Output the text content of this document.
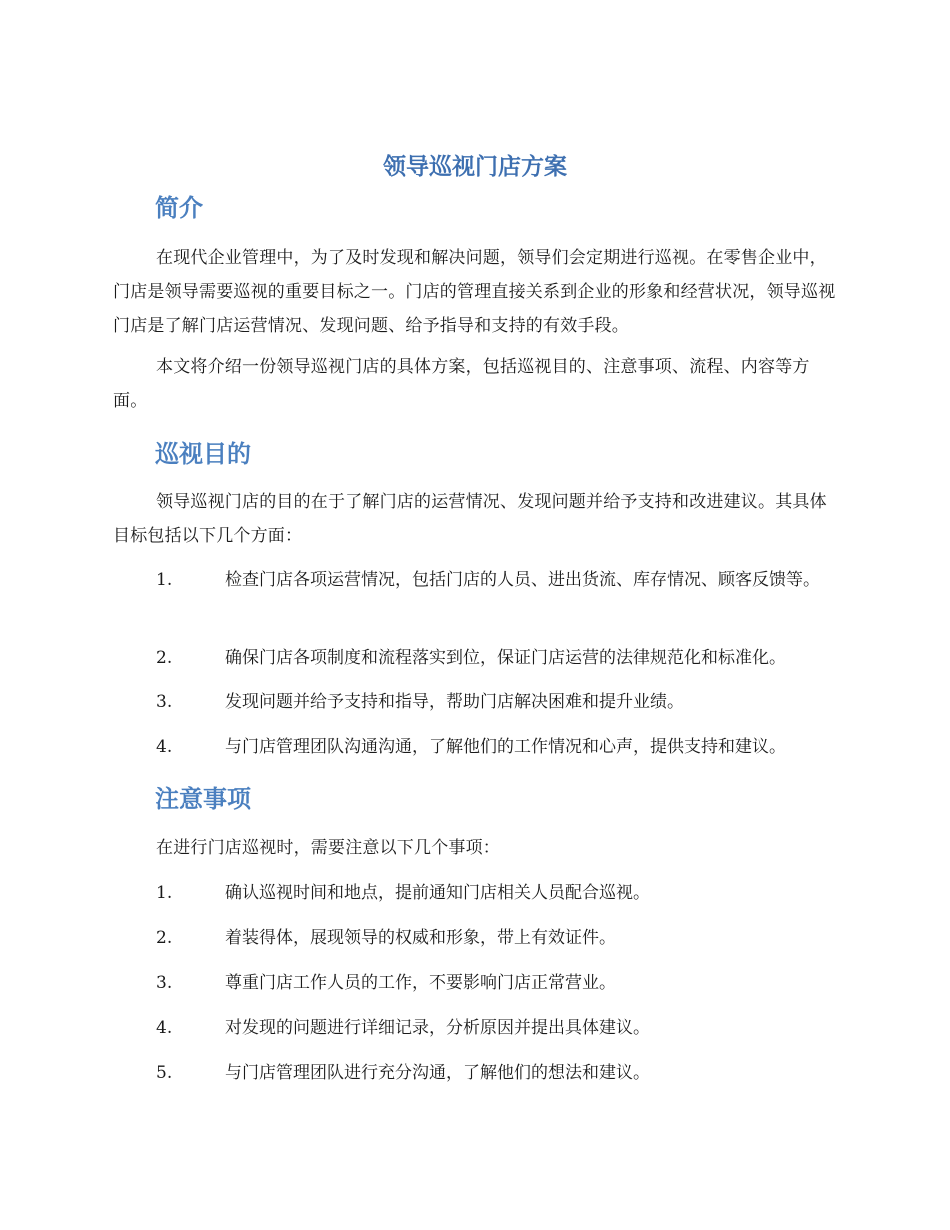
领导巡视门店方案
简介

在现代企业管理中，为了及时发现和解决问题，领导们会定期进行巡视。在零售企业中，门店是领导需要巡视的重要目标之一。门店的管理直接关系到企业的形象和经营状况，领导巡视门店是了解门店运营情况、发现问题、给予指导和支持的有效手段。

本文将介绍一份领导巡视门店的具体方案，包括巡视目的、注意事项、流程、内容等方面。

巡视目的

领导巡视门店的目的在于了解门店的运营情况、发现问题并给予支持和改进建议。其具体目标包括以下几个方面：

1.	检查门店各项运营情况，包括门店的人员、进出货流、库存情况、顾客反馈等。

2.	确保门店各项制度和流程落实到位，保证门店运营的法律规范化和标准化。

3.	发现问题并给予支持和指导，帮助门店解决困难和提升业绩。

4.	与门店管理团队沟通沟通，了解他们的工作情况和心声，提供支持和建议。

注意事项

在进行门店巡视时，需要注意以下几个事项：

1.	确认巡视时间和地点，提前通知门店相关人员配合巡视。

2.	着装得体，展现领导的权威和形象，带上有效证件。

3.	尊重门店工作人员的工作，不要影响门店正常营业。

4.	对发现的问题进行详细记录，分析原因并提出具体建议。

5.	与门店管理团队进行充分沟通，了解他们的想法和建议。
